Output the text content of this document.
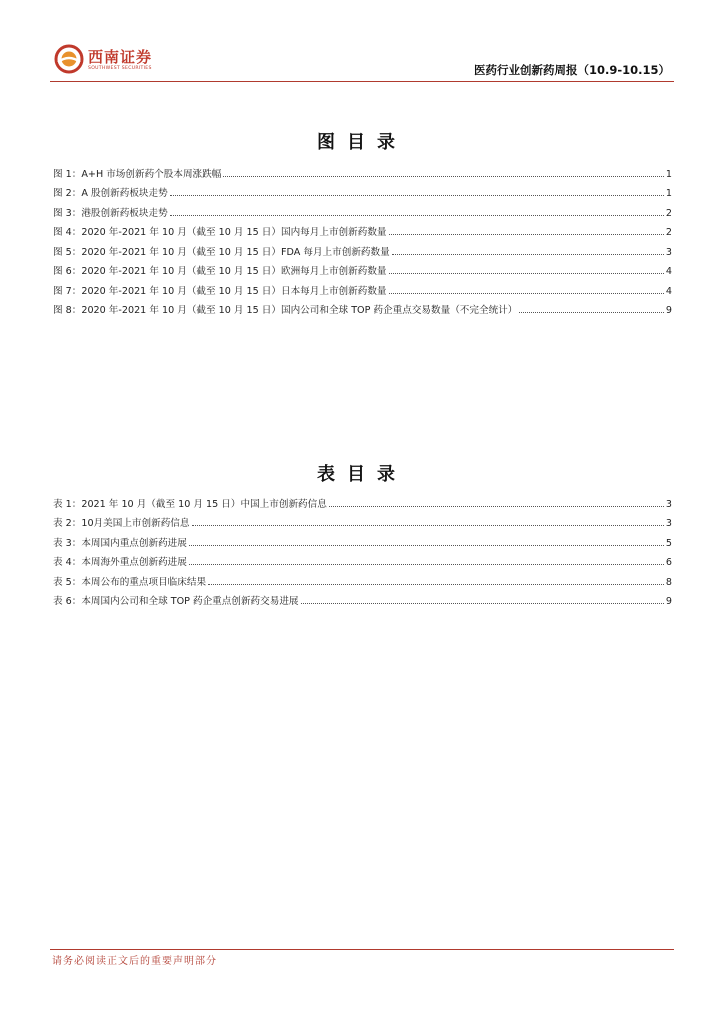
西南证券
SOUTHWEST SECURITIES	医药行业创新药周报（10.9-10.15）
图目录
图 1：A+H 市场创新药个股本周涨跌幅	1
图 2：A 股创新药板块走势	1
图 3：港股创新药板块走势	2
图 4：2020 年-2021 年 10 月（截至 10 月 15 日）国内每月上市创新药数量	2
图 5：2020 年-2021 年 10 月（截至 10 月 15 日）FDA 每月上市创新药数量	3
图 6：2020 年-2021 年 10 月（截至 10 月 15 日）欧洲每月上市创新药数量	4
图 7：2020 年-2021 年 10 月（截至 10 月 15 日）日本每月上市创新药数量	4
图 8：2020 年-2021 年 10 月（截至 10 月 15 日）国内公司和全球 TOP 药企重点交易数量（不完全统计）	9
表目录
表 1：2021 年 10 月（截至 10 月 15 日）中国上市创新药信息	3
表 2：10月美国上市创新药信息	3
表 3：本周国内重点创新药进展	5
表 4：本周海外重点创新药进展	6
表 5：本周公布的重点项目临床结果	8
表 6：本周国内公司和全球 TOP 药企重点创新药交易进展	9
请务必阅读正文后的重要声明部分
